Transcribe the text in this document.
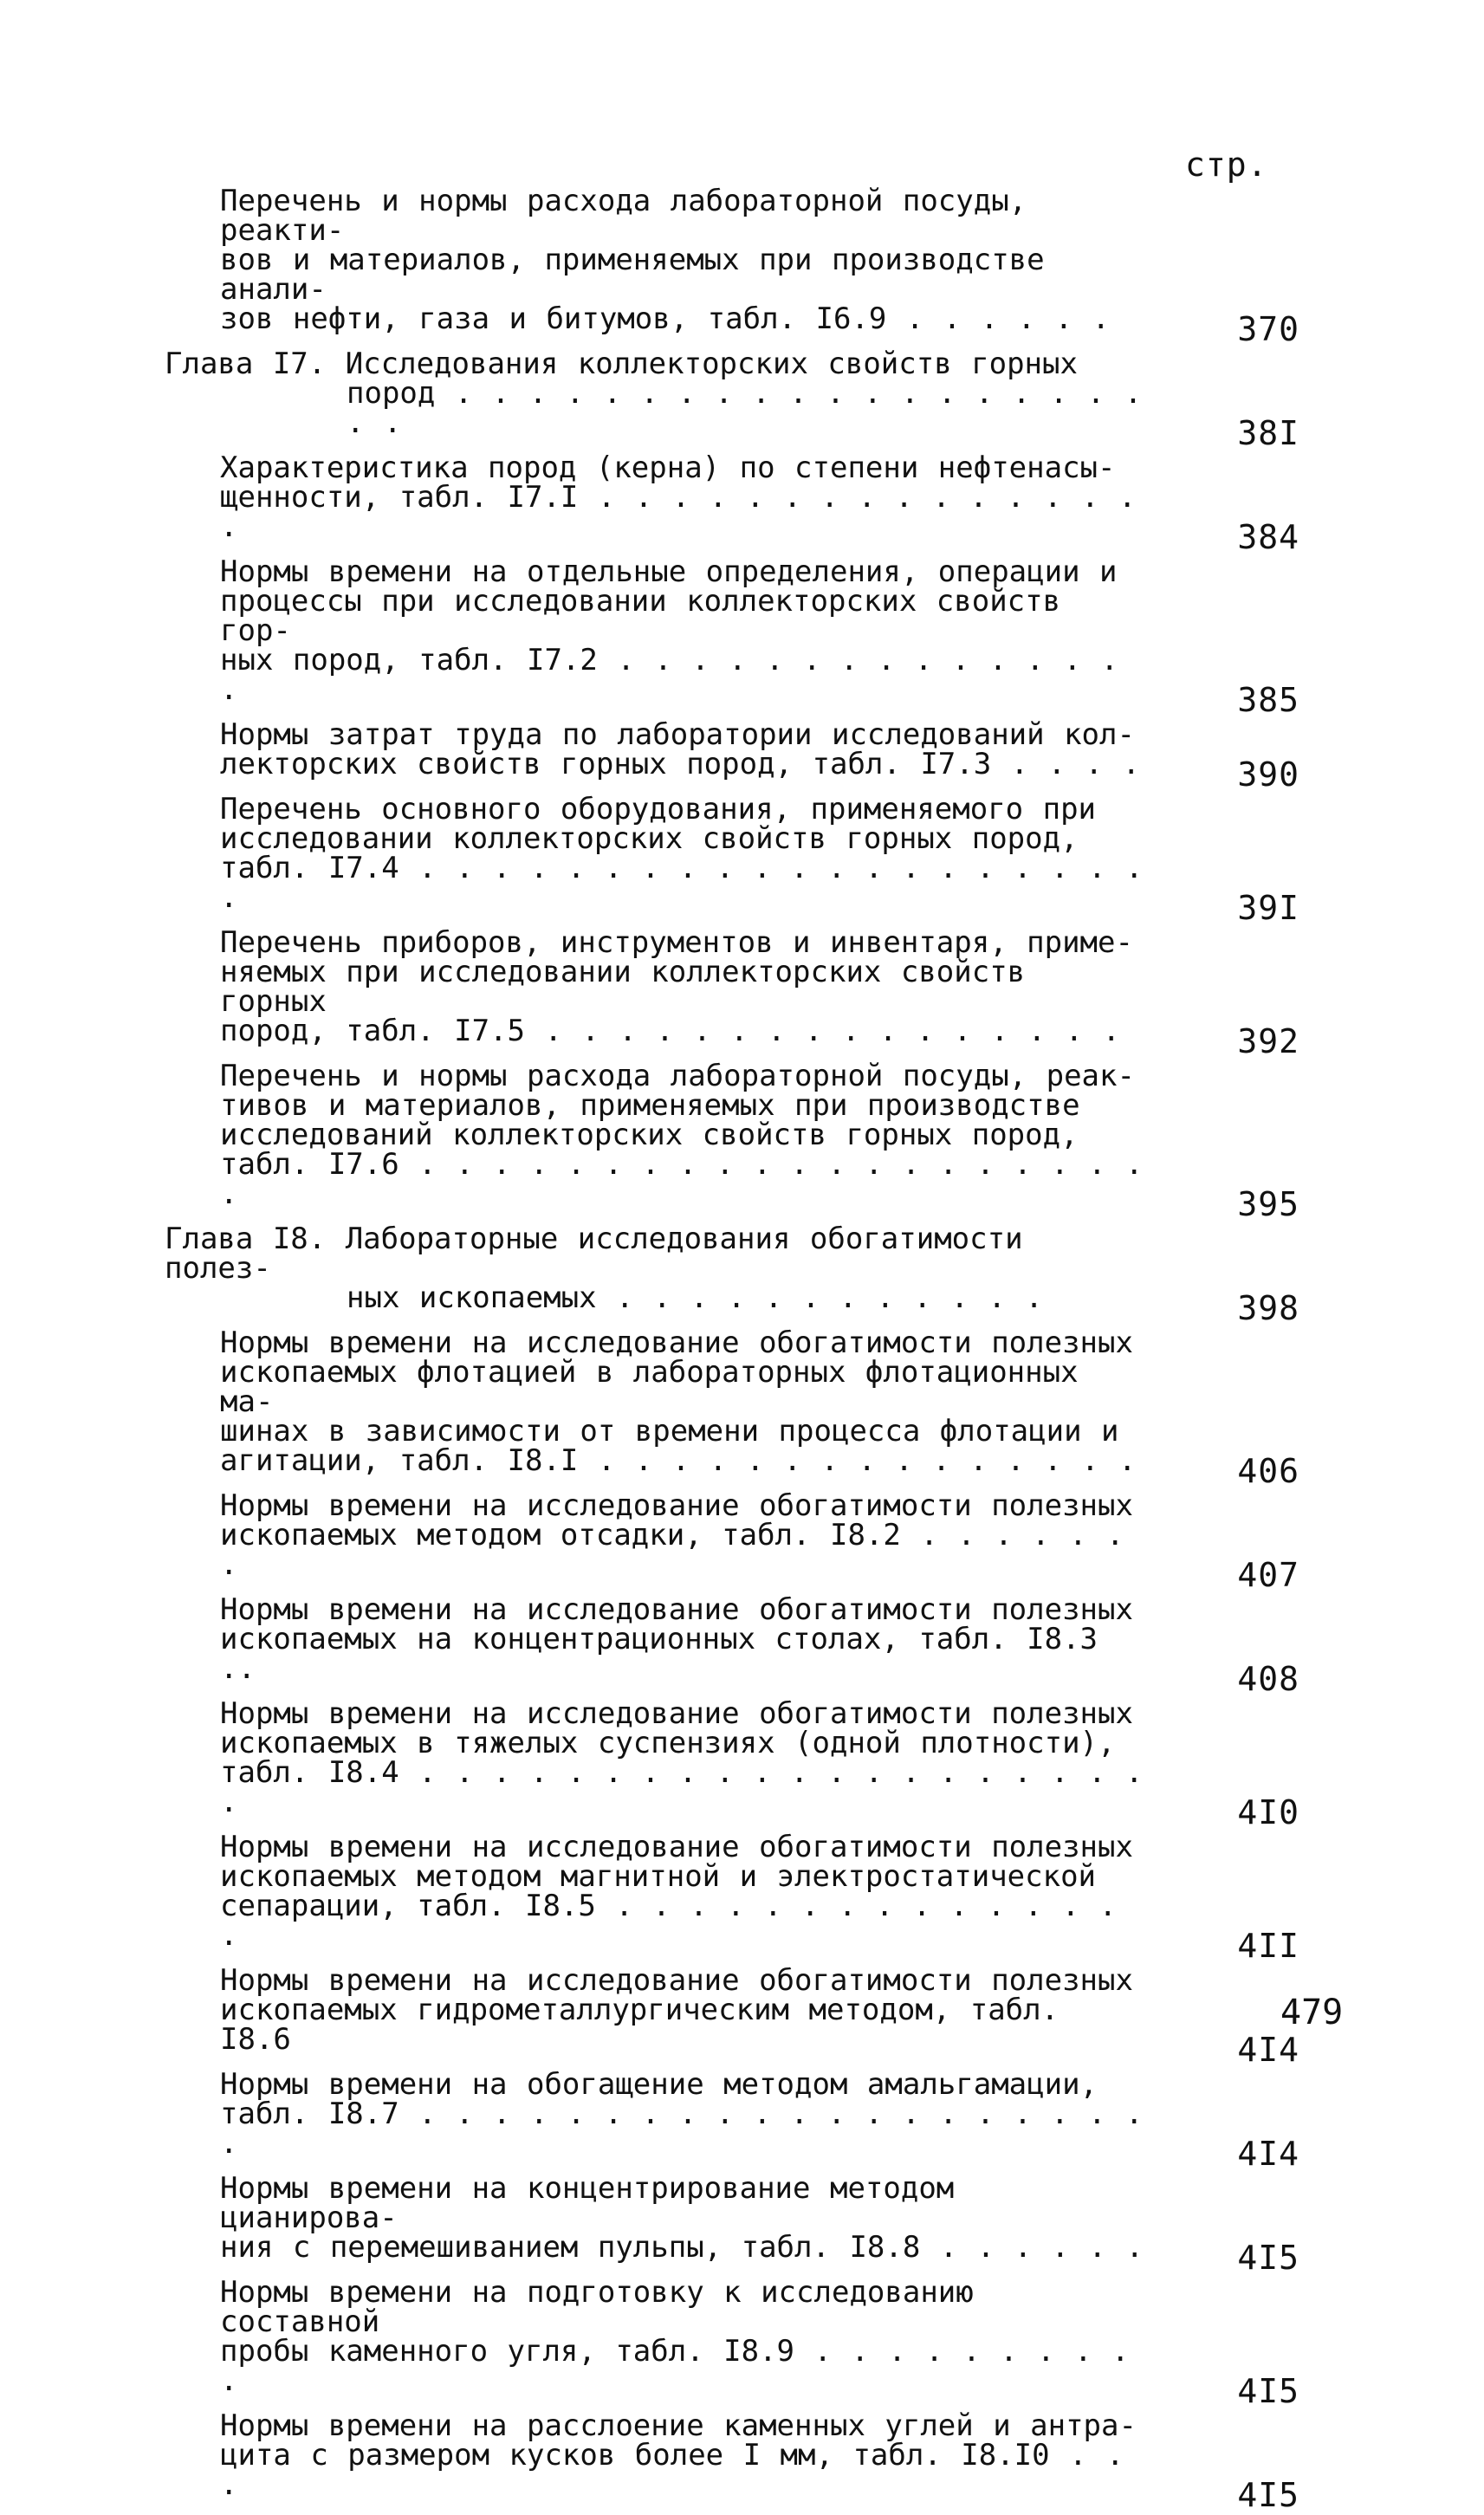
стр.
Перечень и нормы расхода лабораторной посуды, реакти-
вов и материалов, применяемых при производстве анали-
зов нефти, газа и битумов, табл. I6.9 . . . . . .	370
Глава I7. Исследования коллекторских свойств горных
пород . . . . . . . . . . . . . . . . . . . . .	38I
Характеристика пород (керна) по степени нефтенасы-
щенности, табл. I7.I . . . . . . . . . . . . . . . .	384
Нормы времени на отдельные определения, операции и
процессы при исследовании коллекторских свойств гор-
ных пород, табл. I7.2 . . . . . . . . . . . . . . .	385
Нормы затрат труда по лаборатории исследований кол-
лекторских свойств горных пород, табл. I7.3 . . . .	390
Перечень основного оборудования, применяемого при
исследовании коллекторских свойств горных пород,
табл. I7.4 . . . . . . . . . . . . . . . . . . . . .	39I
Перечень приборов, инструментов и инвентаря, приме-
няемых при исследовании коллекторских свойств горных
пород, табл. I7.5 . . . . . . . . . . . . . . . .	392
Перечень и нормы расхода лабораторной посуды, реак-
тивов и материалов, применяемых при производстве
исследований коллекторских свойств горных пород,
табл. I7.6 . . . . . . . . . . . . . . . . . . . . .	395
Глава I8. Лабораторные исследования обогатимости полез-
ных ископаемых . . . . . . . . . . . .	398
Нормы времени на исследование обогатимости полезных
ископаемых флотацией в лабораторных флотационных ма-
шинах в зависимости от времени процесса флотации и
агитации, табл. I8.I . . . . . . . . . . . . . . .	406
Нормы времени на исследование обогатимости полезных
ископаемых методом отсадки, табл. I8.2 . . . . . . .	407
Нормы времени на исследование обогатимости полезных
ископаемых на концентрационных столах, табл. I8.3 ..	408
Нормы времени на исследование обогатимости полезных
ископаемых в тяжелых суспензиях (одной плотности),
табл. I8.4 . . . . . . . . . . . . . . . . . . . . .	4I0
Нормы времени на исследование обогатимости полезных
ископаемых методом магнитной и электростатической
сепарации, табл. I8.5 . . . . . . . . . . . . . . .	4II
Нормы времени на исследование обогатимости полезных
ископаемых гидрометаллургическим методом, табл. I8.6	4I4
Нормы времени на обогащение методом амальгамации,
табл. I8.7 . . . . . . . . . . . . . . . . . . . . .	4I4
Нормы времени на концентрирование методом цианирова-
ния с перемешиванием пульпы, табл. I8.8 . . . . . .	4I5
Нормы времени на подготовку к исследованию составной
пробы каменного угля, табл. I8.9 . . . . . . . . . .	4I5
Нормы времени на расслоение каменных углей и антра-
цита с размером кусков более I мм, табл. I8.I0 . . .	4I5
479
